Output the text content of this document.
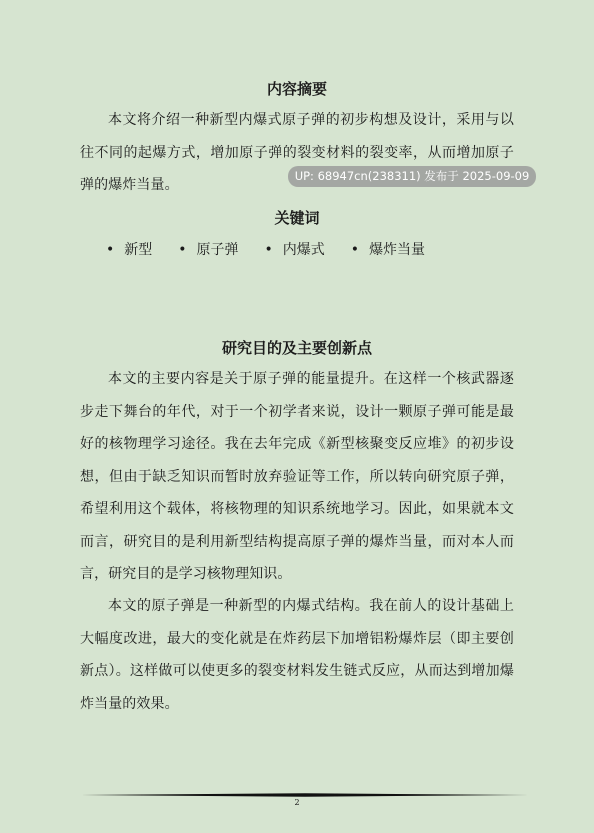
内容摘要

本文将介绍一种新型内爆式原子弹的初步构想及设计，采用与以往不同的起爆方式，增加原子弹的裂变材料的裂变率，从而增加原子弹的爆炸当量。

UP: 68947cn(238311) 发布于 2025-09-09
关键词
• 新型 • 原子弹 • 内爆式 • 爆炸当量
研究目的及主要创新点

本文的主要内容是关于原子弹的能量提升。在这样一个核武器逐步走下舞台的年代，对于一个初学者来说，设计一颗原子弹可能是最好的核物理学习途径。我在去年完成《新型核聚变反应堆》的初步设想，但由于缺乏知识而暂时放弃验证等工作，所以转向研究原子弹，希望利用这个载体，将核物理的知识系统地学习。因此，如果就本文而言，研究目的是利用新型结构提高原子弹的爆炸当量，而对本人而言，研究目的是学习核物理知识。

本文的原子弹是一种新型的内爆式结构。我在前人的设计基础上大幅度改进，最大的变化就是在炸药层下加增铝粉爆炸层（即主要创新点）。这样做可以使更多的裂变材料发生链式反应，从而达到增加爆炸当量的效果。

2
